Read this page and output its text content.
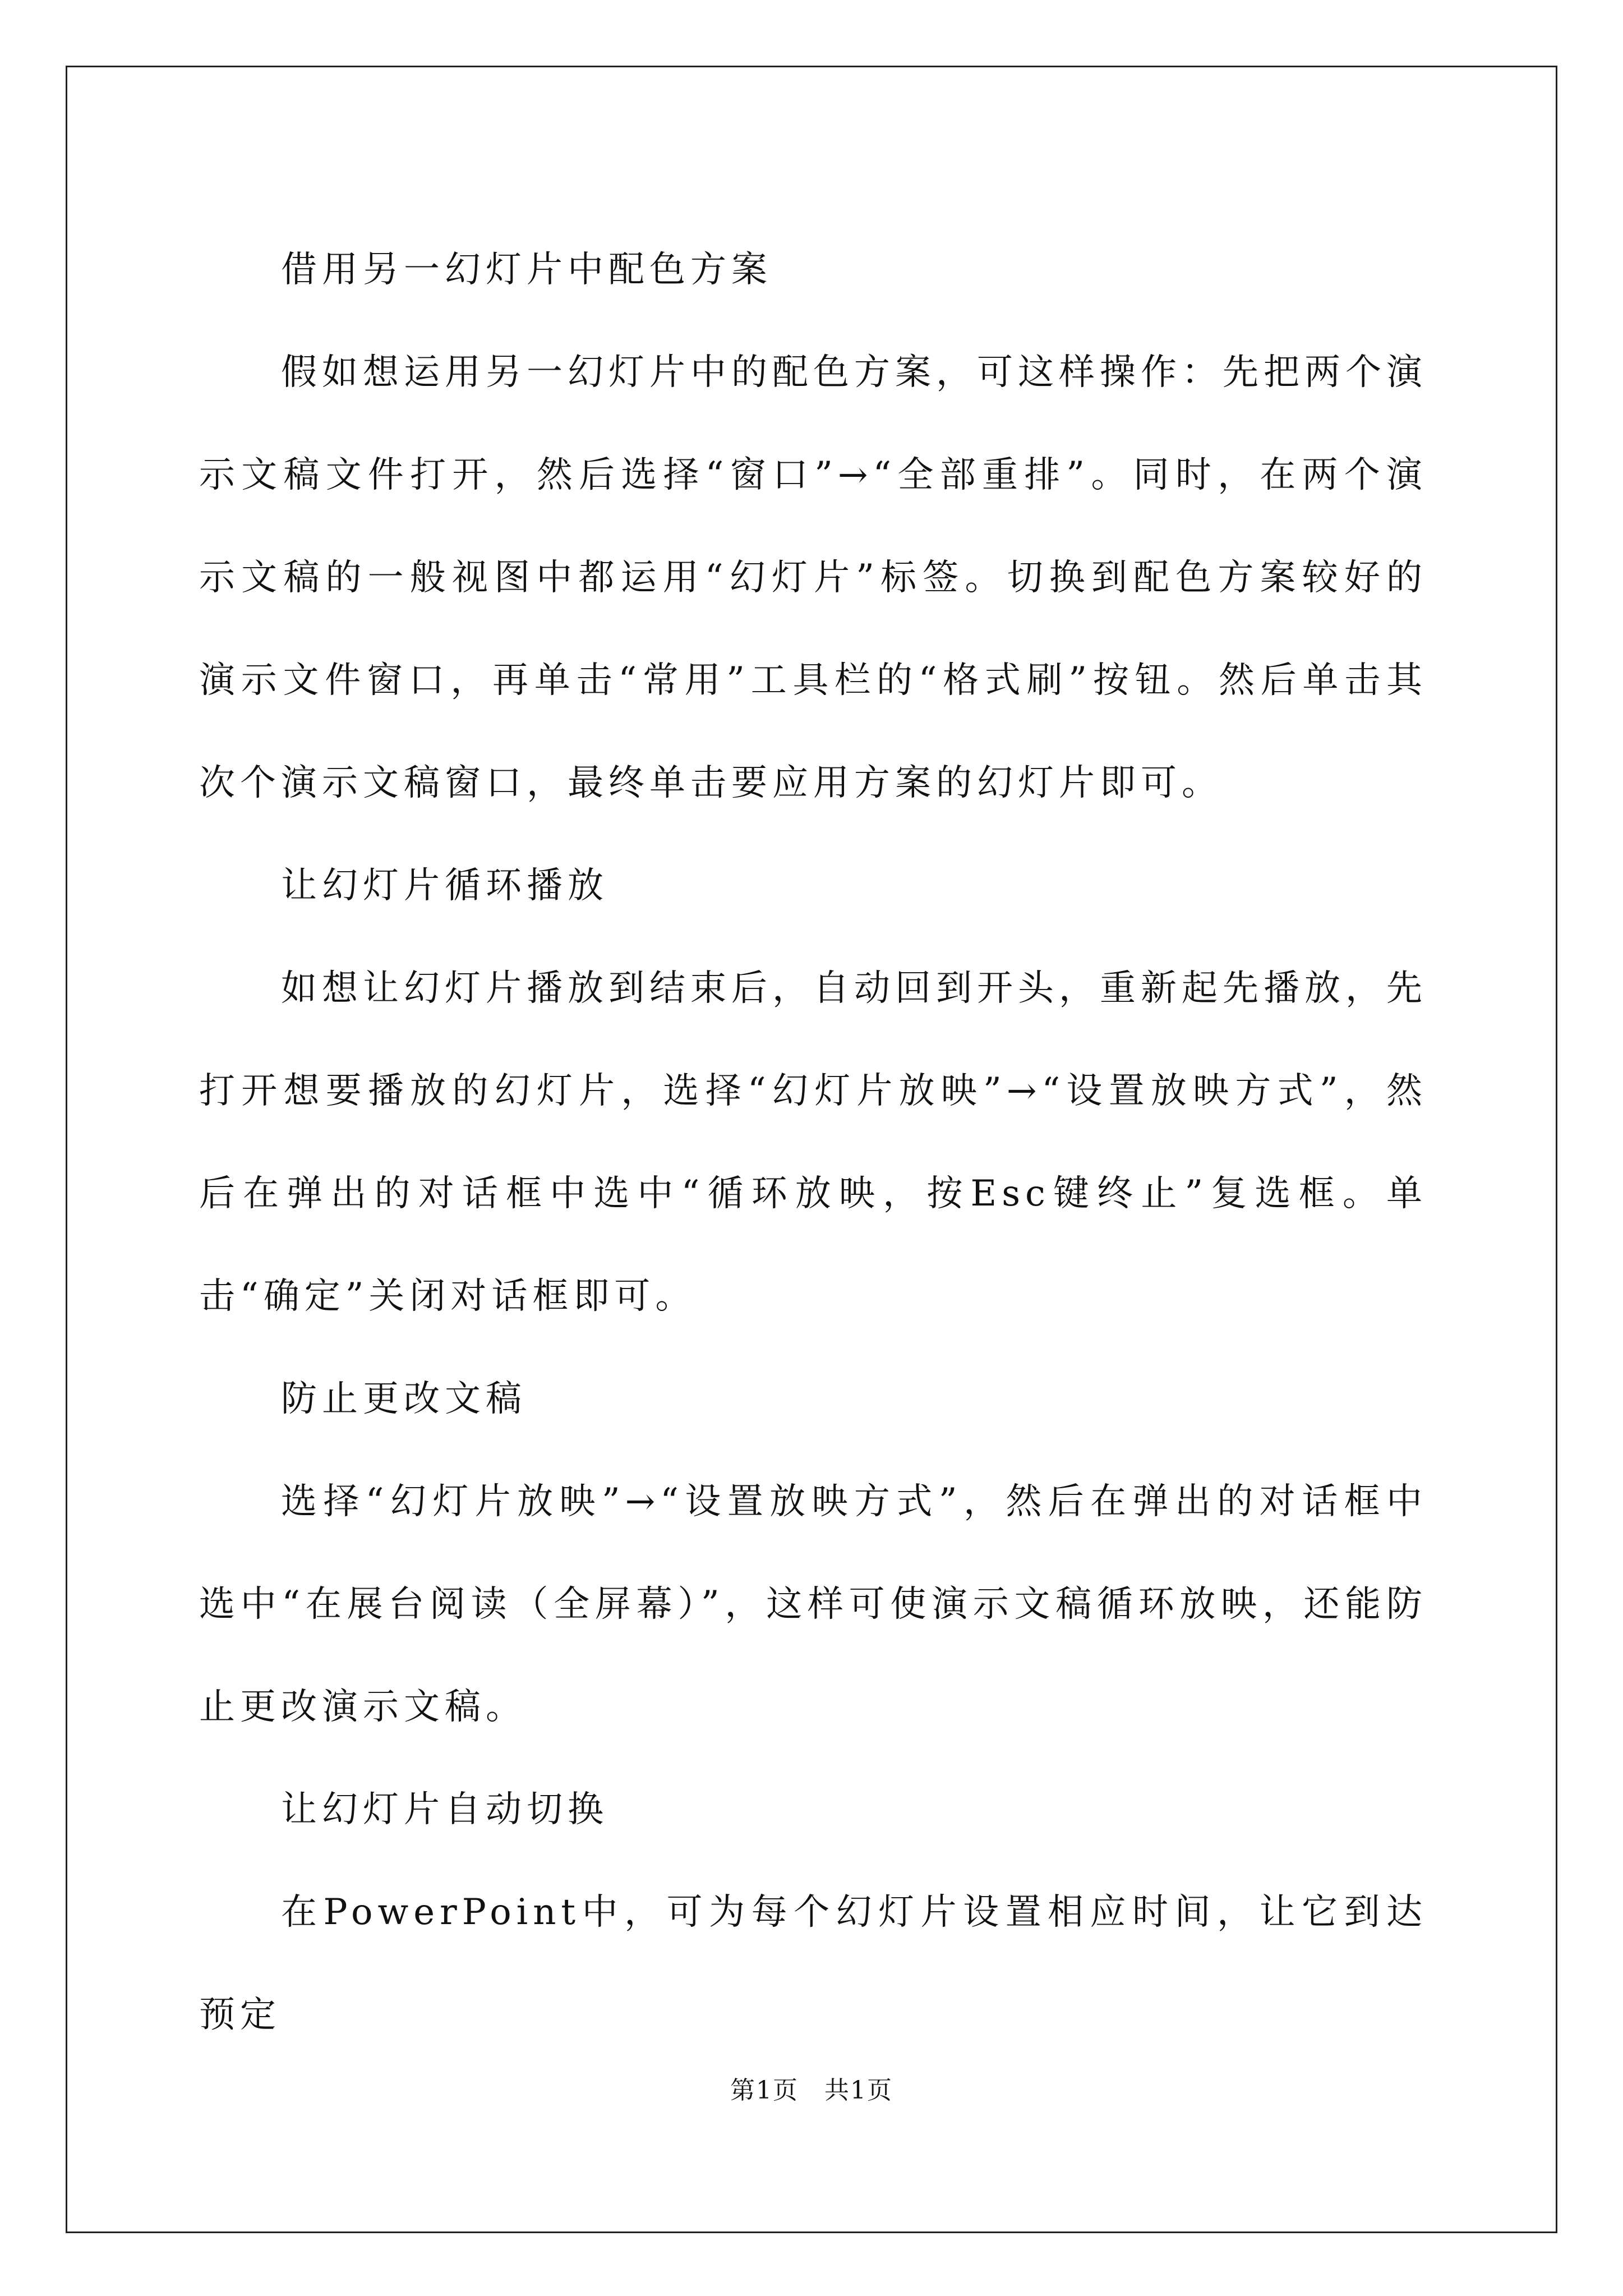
借用另一幻灯片中配色方案

假如想运用另一幻灯片中的配色方案，可这样操作：先把两个演示文稿文件打开，然后选择“窗口”→“全部重排”。同时，在两个演示文稿的一般视图中都运用“幻灯片”标签。切换到配色方案较好的演示文件窗口，再单击“常用”工具栏的“格式刷”按钮。然后单击其次个演示文稿窗口，最终单击要应用方案的幻灯片即可。

让幻灯片循环播放

如想让幻灯片播放到结束后，自动回到开头，重新起先播放，先打开想要播放的幻灯片，选择“幻灯片放映”→“设置放映方式”，然后在弹出的对话框中选中“循环放映，按Esc键终止”复选框。单击“确定”关闭对话框即可。

防止更改文稿

选择“幻灯片放映”→“设置放映方式”，然后在弹出的对话框中选中“在展台阅读（全屏幕）”，这样可使演示文稿循环放映，还能防止更改演示文稿。

让幻灯片自动切换

在PowerPoint中，可为每个幻灯片设置相应时间，让它到达预定

第1页　共1页
